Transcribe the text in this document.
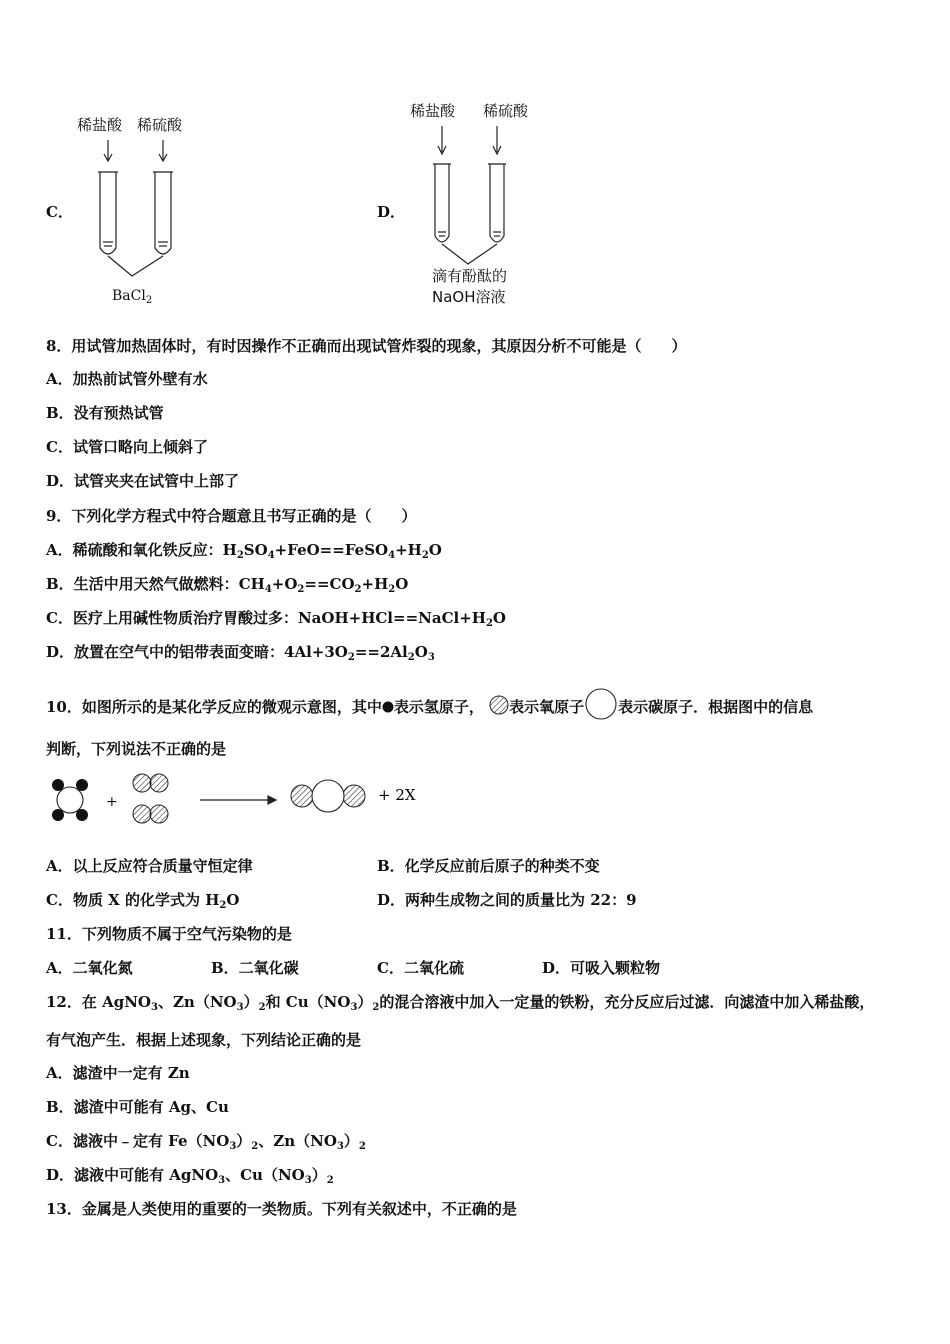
C．
稀盐酸 稀硫酸
BaCl$_2$
D．
稀盐酸 稀硫酸
滴有酚酞的
NaOH溶液
8．用试管加热固体时，有时因操作不正确而出现试管炸裂的现象，其原因分析不可能是（　　）
A．加热前试管外壁有水
B．没有预热试管
C．试管口略向上倾斜了
D．试管夹夹在试管中上部了
9．下列化学方程式中符合题意且书写正确的是（　　）
A．稀硫酸和氧化铁反应：$H_2SO_4+FeO==FeSO_4+H_2O$
B．生活中用天然气做燃料：$CH_4+O_2==CO_2+H_2O$
C．医疗上用碱性物质治疗胃酸过多：$NaOH+HCl==NaCl+H_2O$
D．放置在空气中的铝带表面变暗：$4Al+3O_2==2Al_2O_3$
10．如图所示的是某化学反应的微观示意图，其中 表示氢原子， 表示氧原子 表示碳原子．根据图中的信息
判断，下列说法不正确的是
+	+ 2X
A．以上反应符合质量守恒定律	B．化学反应前后原子的种类不变
C．物质 X 的化学式为 $H_2O$	D．两种生成物之间的质量比为 22：9
11．下列物质不属于空气污染物的是
A．二氧化氮	B．二氧化碳	C．二氧化硫	D．可吸入颗粒物
12．在 AgNO$_3$、$Zn(NO_3)_2$和 $Cu(NO_3)_2$的混合溶液中加入一定量的铁粉，充分反应后过滤．向滤渣中加入稀盐酸，
有气泡产生．根据上述现象，下列结论正确的是
A．滤渣中一定有 Zn
B．滤渣中可能有 Ag、Cu
C．滤液中﹣定有 $Fe(NO_3)_2$、$Zn(NO_3)_2$
D．滤液中可能有 AgNO$_3$、$Cu(NO_3)_2$
13．金属是人类使用的重要的一类物质。下列有关叙述中，不正确的是
